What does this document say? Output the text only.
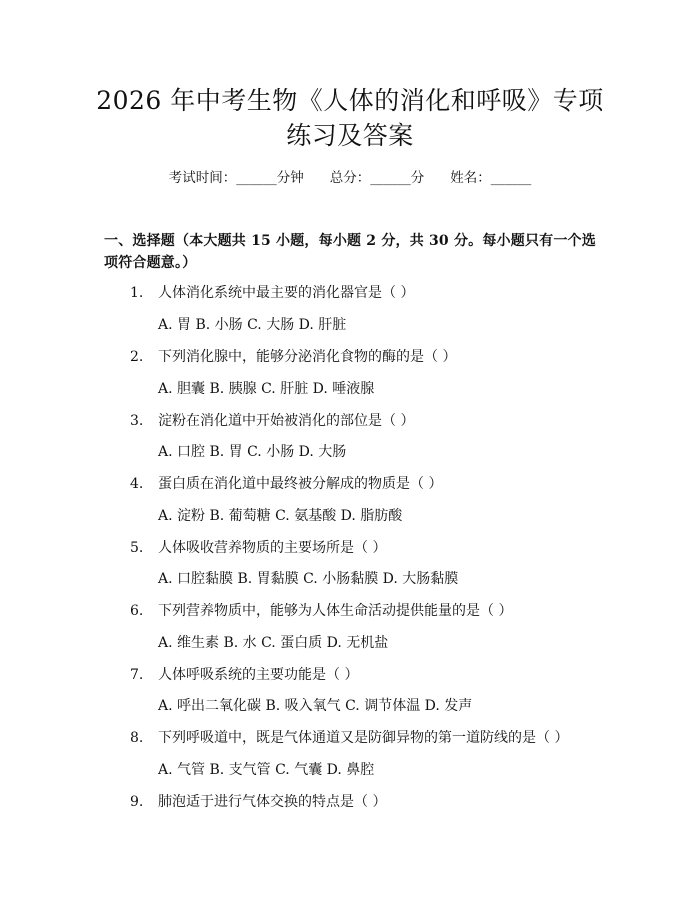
2026 年中考生物《人体的消化和呼吸》专项
练习及答案
考试时间：______分钟 总分：______分 姓名：______
一、选择题（本大题共 15 小题，每小题 2 分，共 30 分。每小题只有一个选项符合题意。）
1. 人体消化系统中最主要的消化器官是（ ）
A. 胃 B. 小肠 C. 大肠 D. 肝脏
2. 下列消化腺中，能够分泌消化食物的酶的是（ ）
A. 胆囊 B. 胰腺 C. 肝脏 D. 唾液腺
3. 淀粉在消化道中开始被消化的部位是（ ）
A. 口腔 B. 胃 C. 小肠 D. 大肠
4. 蛋白质在消化道中最终被分解成的物质是（ ）
A. 淀粉 B. 葡萄糖 C. 氨基酸 D. 脂肪酸
5. 人体吸收营养物质的主要场所是（ ）
A. 口腔黏膜 B. 胃黏膜 C. 小肠黏膜 D. 大肠黏膜
6. 下列营养物质中，能够为人体生命活动提供能量的是（ ）
A. 维生素 B. 水 C. 蛋白质 D. 无机盐
7. 人体呼吸系统的主要功能是（ ）
A. 呼出二氧化碳 B. 吸入氧气 C. 调节体温 D. 发声
8. 下列呼吸道中，既是气体通道又是防御异物的第一道防线的是（ ）
A. 气管 B. 支气管 C. 气囊 D. 鼻腔
9. 肺泡适于进行气体交换的特点是（ ）
